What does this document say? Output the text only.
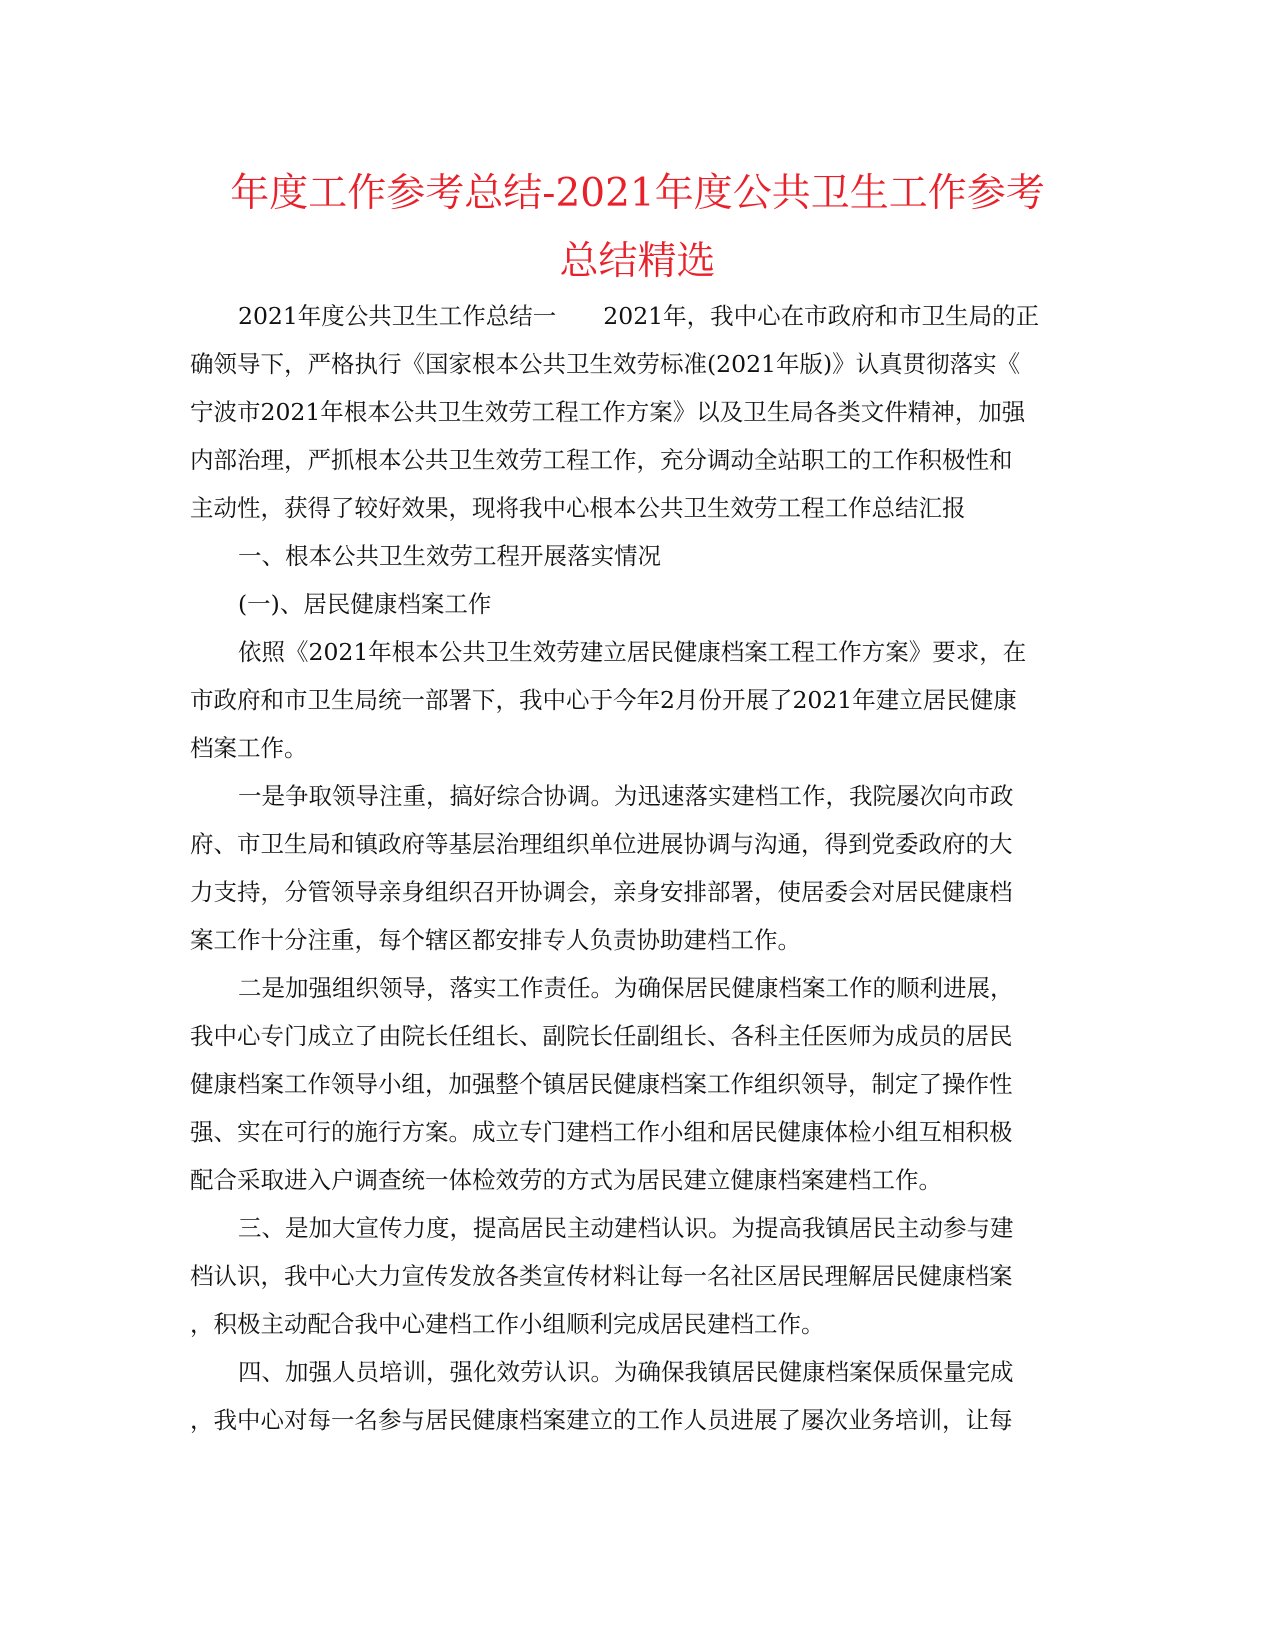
年度工作参考总结-2021年度公共卫生工作参考
总结精选

2021年度公共卫生工作总结一　　2021年，我中心在市政府和市卫生局的正
确领导下，严格执行《国家根本公共卫生效劳标准(2021年版)》认真贯彻落实《
宁波市2021年根本公共卫生效劳工程工作方案》以及卫生局各类文件精神，加强
内部治理，严抓根本公共卫生效劳工程工作，充分调动全站职工的工作积极性和
主动性，获得了较好效果，现将我中心根本公共卫生效劳工程工作总结汇报

一、根本公共卫生效劳工程开展落实情况

(一)、居民健康档案工作

依照《2021年根本公共卫生效劳建立居民健康档案工程工作方案》要求，在
市政府和市卫生局统一部署下，我中心于今年2月份开展了2021年建立居民健康
档案工作。

一是争取领导注重，搞好综合协调。为迅速落实建档工作，我院屡次向市政
府、市卫生局和镇政府等基层治理组织单位进展协调与沟通，得到党委政府的大
力支持，分管领导亲身组织召开协调会，亲身安排部署，使居委会对居民健康档
案工作十分注重，每个辖区都安排专人负责协助建档工作。

二是加强组织领导，落实工作责任。为确保居民健康档案工作的顺利进展，
我中心专门成立了由院长任组长、副院长任副组长、各科主任医师为成员的居民
健康档案工作领导小组，加强整个镇居民健康档案工作组织领导，制定了操作性
强、实在可行的施行方案。成立专门建档工作小组和居民健康体检小组互相积极
配合采取进入户调查统一体检效劳的方式为居民建立健康档案建档工作。

三、是加大宣传力度，提高居民主动建档认识。为提高我镇居民主动参与建
档认识，我中心大力宣传发放各类宣传材料让每一名社区居民理解居民健康档案
，积极主动配合我中心建档工作小组顺利完成居民建档工作。

四、加强人员培训，强化效劳认识。为确保我镇居民健康档案保质保量完成
，我中心对每一名参与居民健康档案建立的工作人员进展了屡次业务培训，让每
